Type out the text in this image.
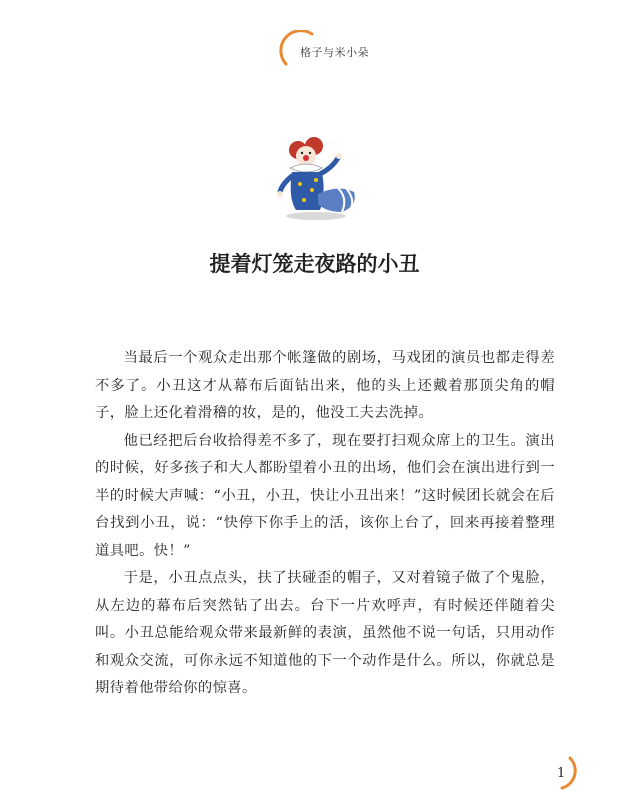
格子与米小朵
提着灯笼走夜路的小丑

当最后一个观众走出那个帐篷做的剧场，马戏团的演员也都走得差不多了。小丑这才从幕布后面钻出来，他的头上还戴着那顶尖角的帽子，脸上还化着滑稽的妆，是的，他没工夫去洗掉。

他已经把后台收拾得差不多了，现在要打扫观众席上的卫生。演出的时候，好多孩子和大人都盼望着小丑的出场，他们会在演出进行到一半的时候大声喊：“小丑，小丑，快让小丑出来！”这时候团长就会在后台找到小丑，说：“快停下你手上的活，该你上台了，回来再接着整理道具吧。快！”

于是，小丑点点头，扶了扶碰歪的帽子，又对着镜子做了个鬼脸，从左边的幕布后突然钻了出去。台下一片欢呼声，有时候还伴随着尖叫。小丑总能给观众带来最新鲜的表演，虽然他不说一句话，只用动作和观众交流，可你永远不知道他的下一个动作是什么。所以，你就总是期待着他带给你的惊喜。

1
